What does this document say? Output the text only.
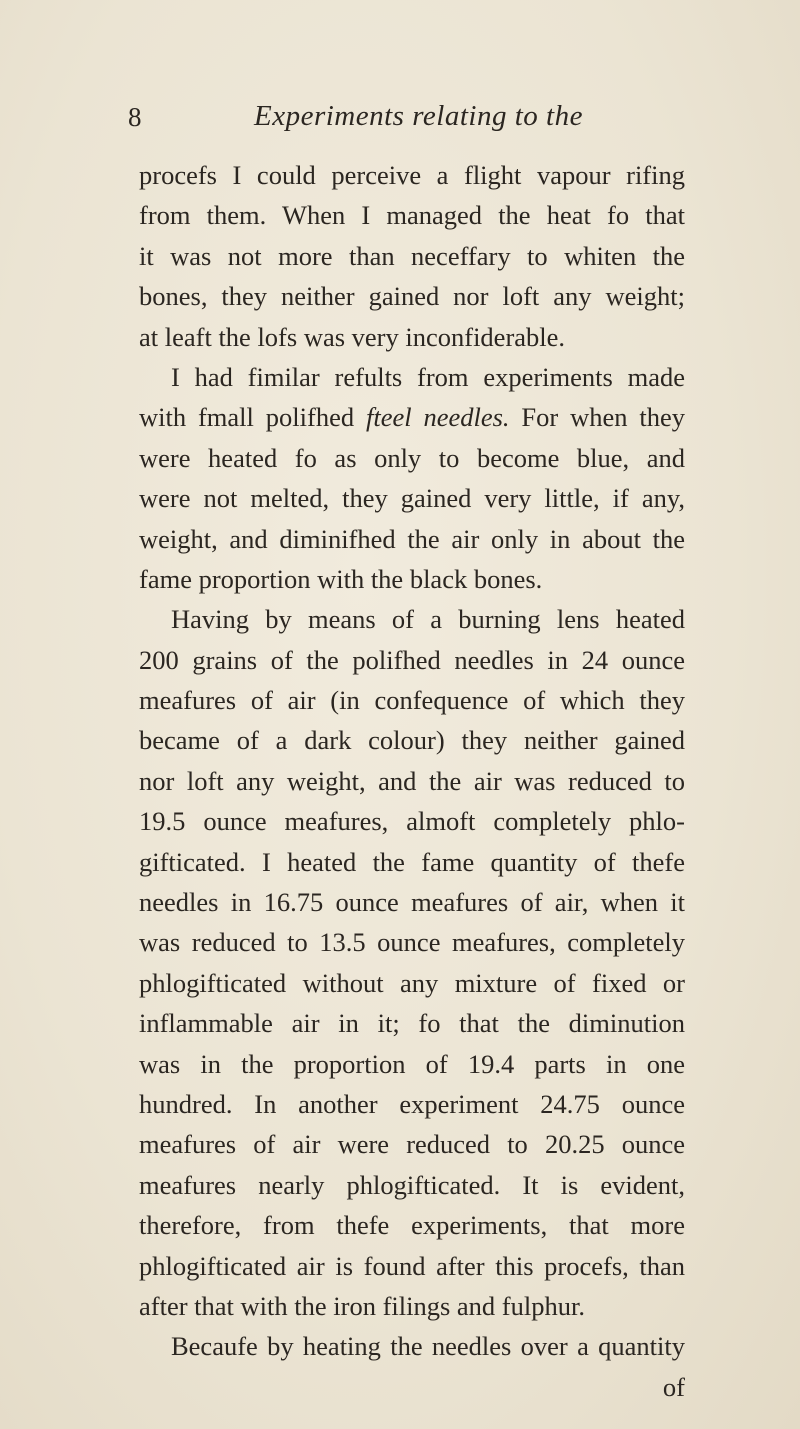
8	Experiments relating to the
procefs I could perceive a flight vapour rifing
from them. When I managed the heat fo that
it was not more than neceffary to whiten the
bones, they neither gained nor loft any weight;
at leaft the lofs was very inconfiderable.
I had fimilar refults from experiments made
with fmall polifhed fteel needles. For when they
were heated fo as only to become blue, and
were not melted, they gained very little, if any,
weight, and diminifhed the air only in about the
fame proportion with the black bones.
Having by means of a burning lens heated
200 grains of the polifhed needles in 24 ounce
meafures of air (in confequence of which they
became of a dark colour) they neither gained
nor loft any weight, and the air was reduced to
19.5 ounce meafures, almoft completely phlo-
gifticated. I heated the fame quantity of thefe
needles in 16.75 ounce meafures of air, when it
was reduced to 13.5 ounce meafures, completely
phlogifticated without any mixture of fixed or
inflammable air in it; fo that the diminution
was in the proportion of 19.4 parts in one
hundred. In another experiment 24.75 ounce
meafures of air were reduced to 20.25 ounce
meafures nearly phlogifticated. It is evident,
therefore, from thefe experiments, that more
phlogifticated air is found after this procefs, than
after that with the iron filings and fulphur.
Becaufe by heating the needles over a quantity
of
